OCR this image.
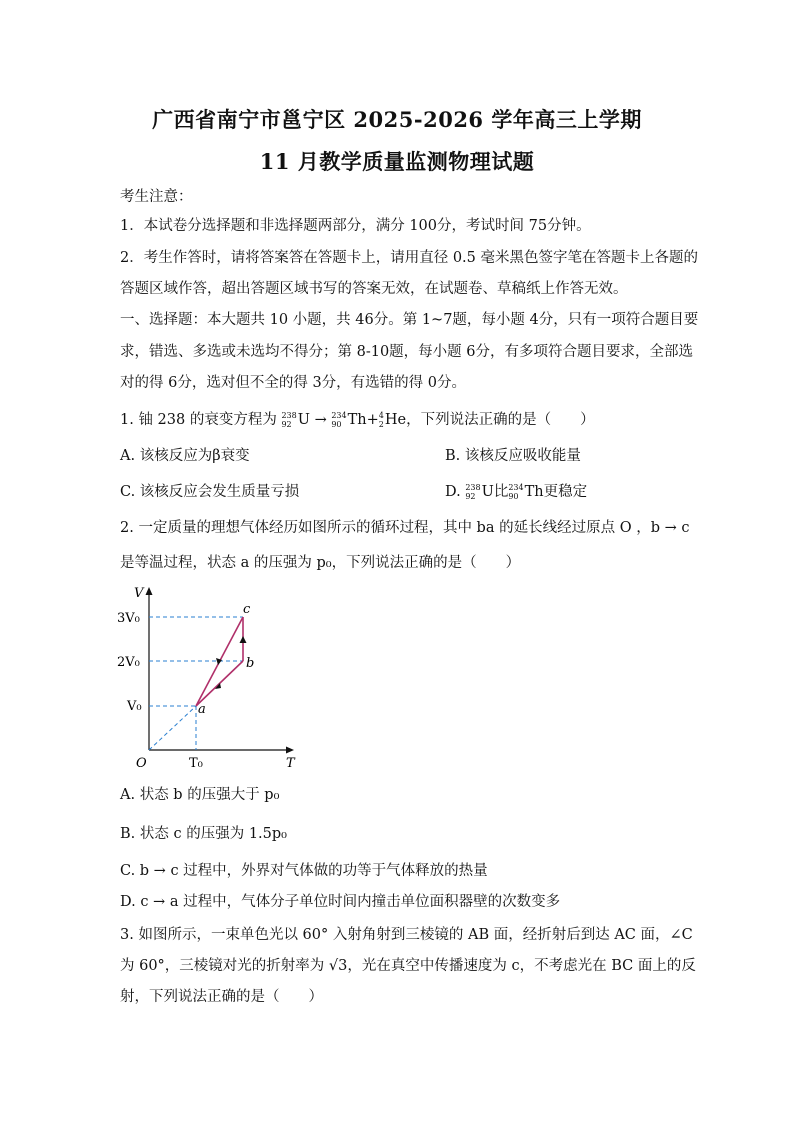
广西省南宁市邕宁区 2025-2026 学年高三上学期
11 月教学质量监测物理试题
考生注意：
1．本试卷分选择题和非选择题两部分，满分 100分，考试时间 75分钟。
2．考生作答时，请将答案答在答题卡上，请用直径 0.5 毫米黑色签字笔在答题卡上各题的
答题区域作答，超出答题区域书写的答案无效，在试题卷、草稿纸上作答无效。
一、选择题：本大题共 10 小题，共 46分。第 1~7题，每小题 4分，只有一项符合题目要
求，错选、多选或未选均不得分；第 8-10题，每小题 6分，有多项符合题目要求，全部选
对的得 6分，选对但不全的得 3分，有选错的得 0分。
1. 铀 238 的衰变方程为 238
92 U → 234
90 Th+ 4
2 He，下列说法正确的是（　　）
A. 该核反应为β衰变	B. 该核反应吸收能量
C. 该核反应会发生质量亏损	D. 238
92 U比 234
90 Th更稳定
2. 一定质量的理想气体经历如图所示的循环过程，其中 ba 的延长线经过原点 O ，b → c
是等温过程，状态 a 的压强为 p₀，下列说法正确的是（　　）
V
T
O
3V₀
2V₀
V₀
T₀
a
b
c
A. 状态 b 的压强大于 p₀
B. 状态 c 的压强为 1.5p₀
C. b → c 过程中，外界对气体做的功等于气体释放的热量
D. c → a 过程中，气体分子单位时间内撞击单位面积器壁的次数变多
3. 如图所示，一束单色光以 60° 入射角射到三棱镜的 AB 面，经折射后到达 AC 面，∠C
为 60°，三棱镜对光的折射率为 √3，光在真空中传播速度为 c，不考虑光在 BC 面上的反
射，下列说法正确的是（　　）
